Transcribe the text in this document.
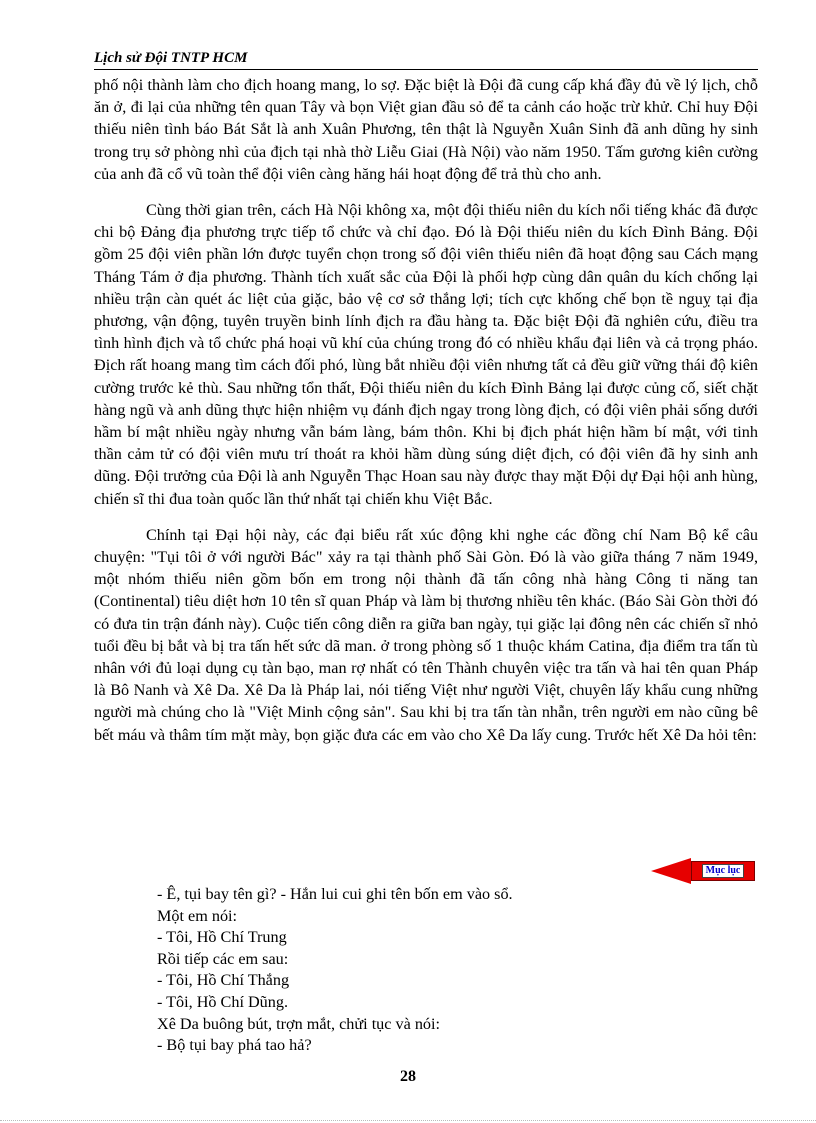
Lịch sử Đội TNTP HCM

phố nội thành làm cho địch hoang mang, lo sợ. Đặc biệt là Đội đã cung cấp khá đầy đủ về lý lịch, chỗ ăn ở, đi lại của những tên quan Tây và bọn Việt gian đầu sỏ để ta cảnh cáo hoặc trừ khử. Chỉ huy Đội thiếu niên tình báo Bát Sắt là anh Xuân Phương, tên thật là Nguyễn Xuân Sinh đã anh dũng hy sinh trong trụ sở phòng nhì của địch tại nhà thờ Liễu Giai (Hà Nội) vào năm 1950. Tấm gương kiên cường của anh đã cổ vũ toàn thể đội viên càng hăng hái hoạt động để trả thù cho anh.

Cùng thời gian trên, cách Hà Nội không xa, một đội thiếu niên du kích nổi tiếng khác đã được chi bộ Đảng địa phương trực tiếp tổ chức và chỉ đạo. Đó là Đội thiếu niên du kích Đình Bảng. Đội gồm 25 đội viên phần lớn được tuyển chọn trong số đội viên thiếu niên đã hoạt động sau Cách mạng Tháng Tám ở địa phương. Thành tích xuất sắc của Đội là phối hợp cùng dân quân du kích chống lại nhiều trận càn quét ác liệt của giặc, bảo vệ cơ sở thắng lợi; tích cực khống chế bọn tề nguỵ tại địa phương, vận động, tuyên truyền binh lính địch ra đầu hàng ta. Đặc biệt Đội đã nghiên cứu, điều tra tình hình địch và tổ chức phá hoại vũ khí của chúng trong đó có nhiều khẩu đại liên và cả trọng pháo. Địch rất hoang mang tìm cách đối phó, lùng bắt nhiều đội viên nhưng tất cả đều giữ vững thái độ kiên cường trước kẻ thù. Sau những tổn thất, Đội thiếu niên du kích Đình Bảng lại được củng cố, siết chặt hàng ngũ và anh dũng thực hiện nhiệm vụ đánh địch ngay trong lòng địch, có đội viên phải sống dưới hầm bí mật nhiều ngày nhưng vẫn bám làng, bám thôn. Khi bị địch phát hiện hầm bí mật, với tinh thần cảm tử có đội viên mưu trí thoát ra khỏi hầm dùng súng diệt địch, có đội viên đã hy sinh anh dũng. Đội trưởng của Đội là anh Nguyễn Thạc Hoan sau này được thay mặt Đội dự Đại hội anh hùng, chiến sĩ thi đua toàn quốc lần thứ nhất tại chiến khu Việt Bắc.

Chính tại Đại hội này, các đại biểu rất xúc động khi nghe các đồng chí Nam Bộ kể câu chuyện: "Tụi tôi ở với người Bác" xảy ra tại thành phố Sài Gòn. Đó là vào giữa tháng 7 năm 1949, một nhóm thiếu niên gồm bốn em trong nội thành đã tấn công nhà hàng Công ti năng tan (Continental) tiêu diệt hơn 10 tên sĩ quan Pháp và làm bị thương nhiều tên khác. (Báo Sài Gòn thời đó có đưa tin trận đánh này). Cuộc tiến công diễn ra giữa ban ngày, tụi giặc lại đông nên các chiến sĩ nhỏ tuổi đều bị bắt và bị tra tấn hết sức dã man. ở trong phòng số 1 thuộc khám Catina, địa điểm tra tấn tù nhân với đủ loại dụng cụ tàn bạo, man rợ nhất có tên Thành chuyên việc tra tấn và hai tên quan Pháp là Bô Nanh và Xê Da. Xê Da là Pháp lai, nói tiếng Việt như người Việt, chuyên lấy khẩu cung những người mà chúng cho là "Việt Minh cộng sản". Sau khi bị tra tấn tàn nhẫn, trên người em nào cũng bê bết máu và thâm tím mặt mày, bọn giặc đưa các em vào cho Xê Da lấy cung. Trước hết Xê Da hỏi tên:

Mục lục
- Ê, tụi bay tên gì? - Hắn lui cui ghi tên bốn em vào sổ.
Một em nói:
- Tôi, Hồ Chí Trung
Rồi tiếp các em sau:
- Tôi, Hồ Chí Thắng
- Tôi, Hồ Chí Dũng.
Xê Da buông bút, trợn mắt, chửi tục và nói:
- Bộ tụi bay phá tao hả?
28
